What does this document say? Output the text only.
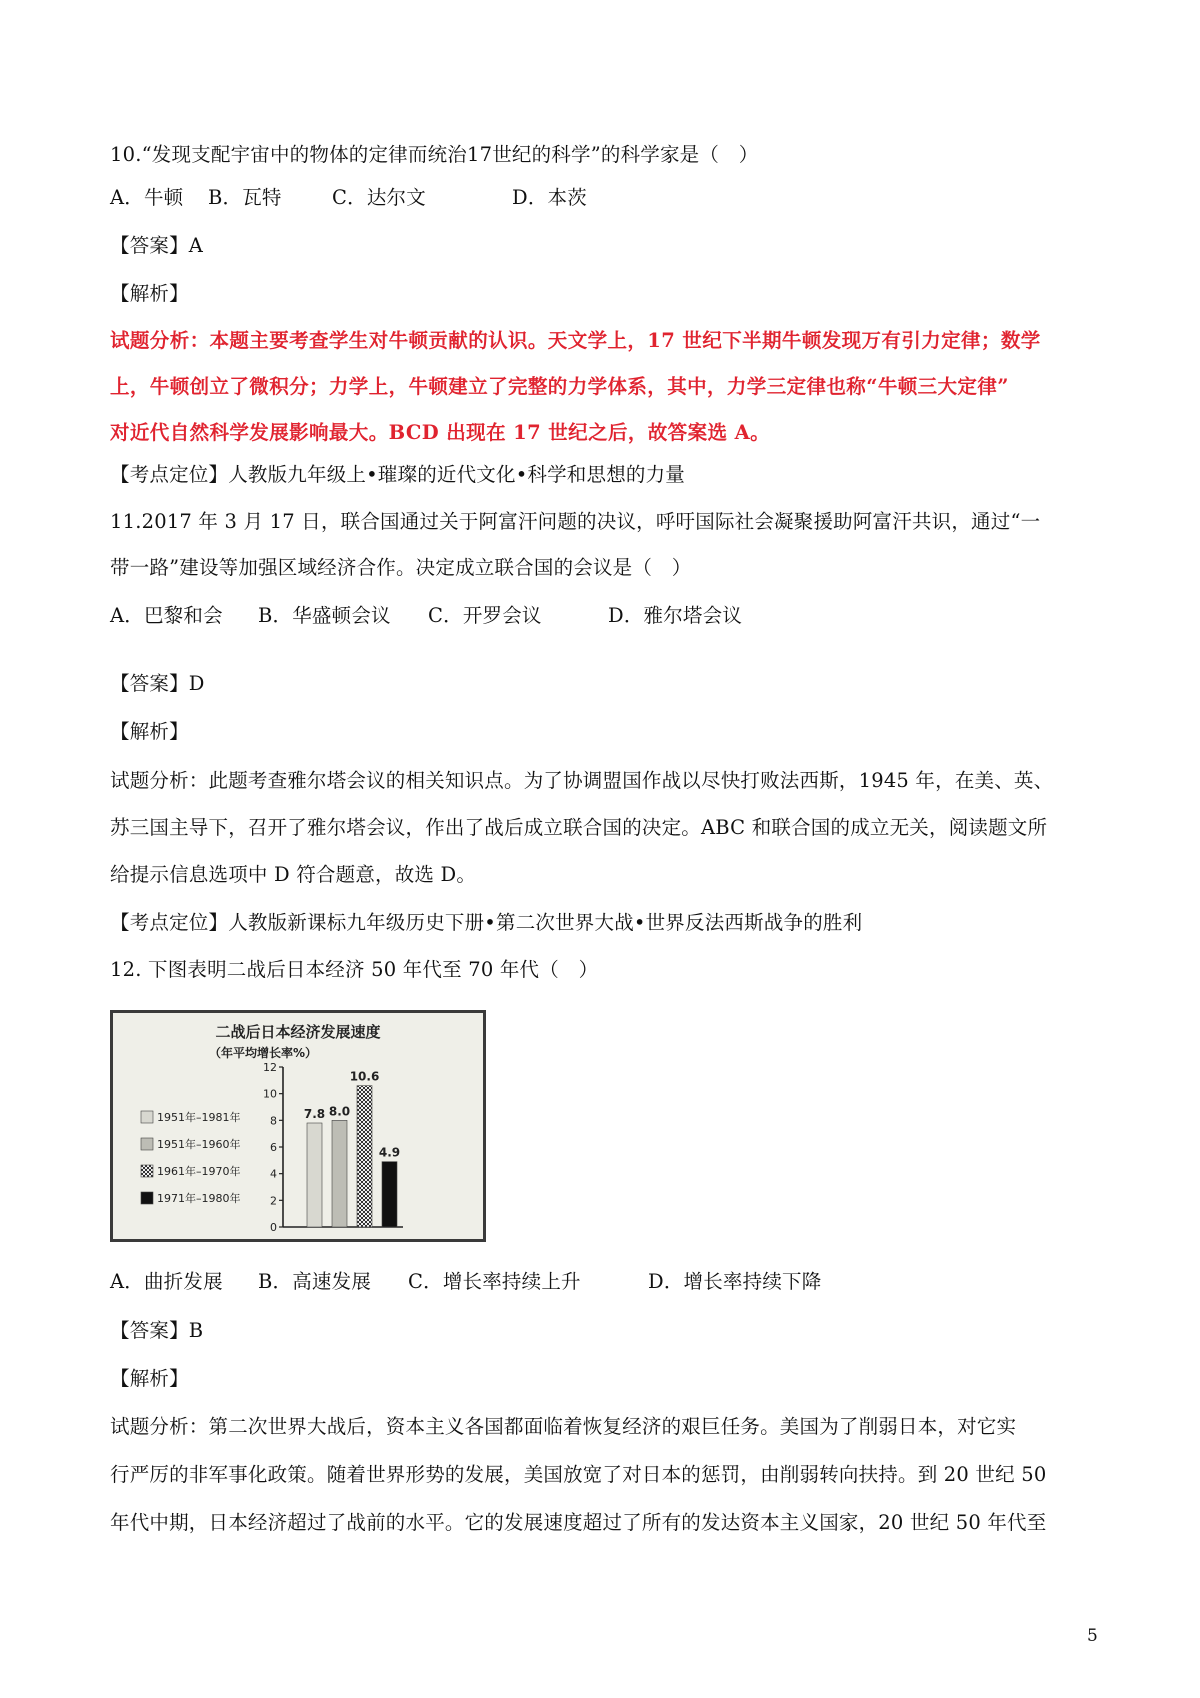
10.“发现支配宇宙中的物体的定律而统治17世纪的科学”的科学家是（　）
A．牛顿 B．瓦特	C．达尔文	D．本茨
【答案】A
【解析】
试题分析：本题主要考查学生对牛顿贡献的认识。天文学上，17 世纪下半期牛顿发现万有引力定律；数学
上，牛顿创立了微积分；力学上，牛顿建立了完整的力学体系，其中，力学三定律也称“牛顿三大定律”
对近代自然科学发展影响最大。BCD 出现在 17 世纪之后，故答案选 A。
【考点定位】人教版九年级上•璀璨的近代文化•科学和思想的力量
11.2017 年 3 月 17 日，联合国通过关于阿富汗问题的决议，呼吁国际社会凝聚援助阿富汗共识，通过“一
带一路”建设等加强区域经济合作。决定成立联合国的会议是（　）
A．巴黎和会 B．华盛顿会议 C．开罗会议	D．雅尔塔会议
【答案】D
【解析】
试题分析：此题考查雅尔塔会议的相关知识点。为了协调盟国作战以尽快打败法西斯，1945 年，在美、英、
苏三国主导下，召开了雅尔塔会议，作出了战后成立联合国的决定。ABC 和联合国的成立无关，阅读题文所
给提示信息选项中 D 符合题意，故选 D。
【考点定位】人教版新课标九年级历史下册•第二次世界大战•世界反法西斯战争的胜利
12. 下图表明二战后日本经济 50 年代至 70 年代（　）
二战后日本经济发展速度
（年平均增长率%）
0
2
4
6
8
10
12
7.8 8.0
10.6
4.9
1951年–1981年
1951年–1960年
1961年–1970年
1971年–1980年
A．曲折发展 B．高速发展 C．增长率持续上升	D．增长率持续下降
【答案】B
【解析】
试题分析：第二次世界大战后，资本主义各国都面临着恢复经济的艰巨任务。美国为了削弱日本，对它实
行严厉的非军事化政策。随着世界形势的发展，美国放宽了对日本的惩罚，由削弱转向扶持。到 20 世纪 50
年代中期，日本经济超过了战前的水平。它的发展速度超过了所有的发达资本主义国家，20 世纪 50 年代至
5
